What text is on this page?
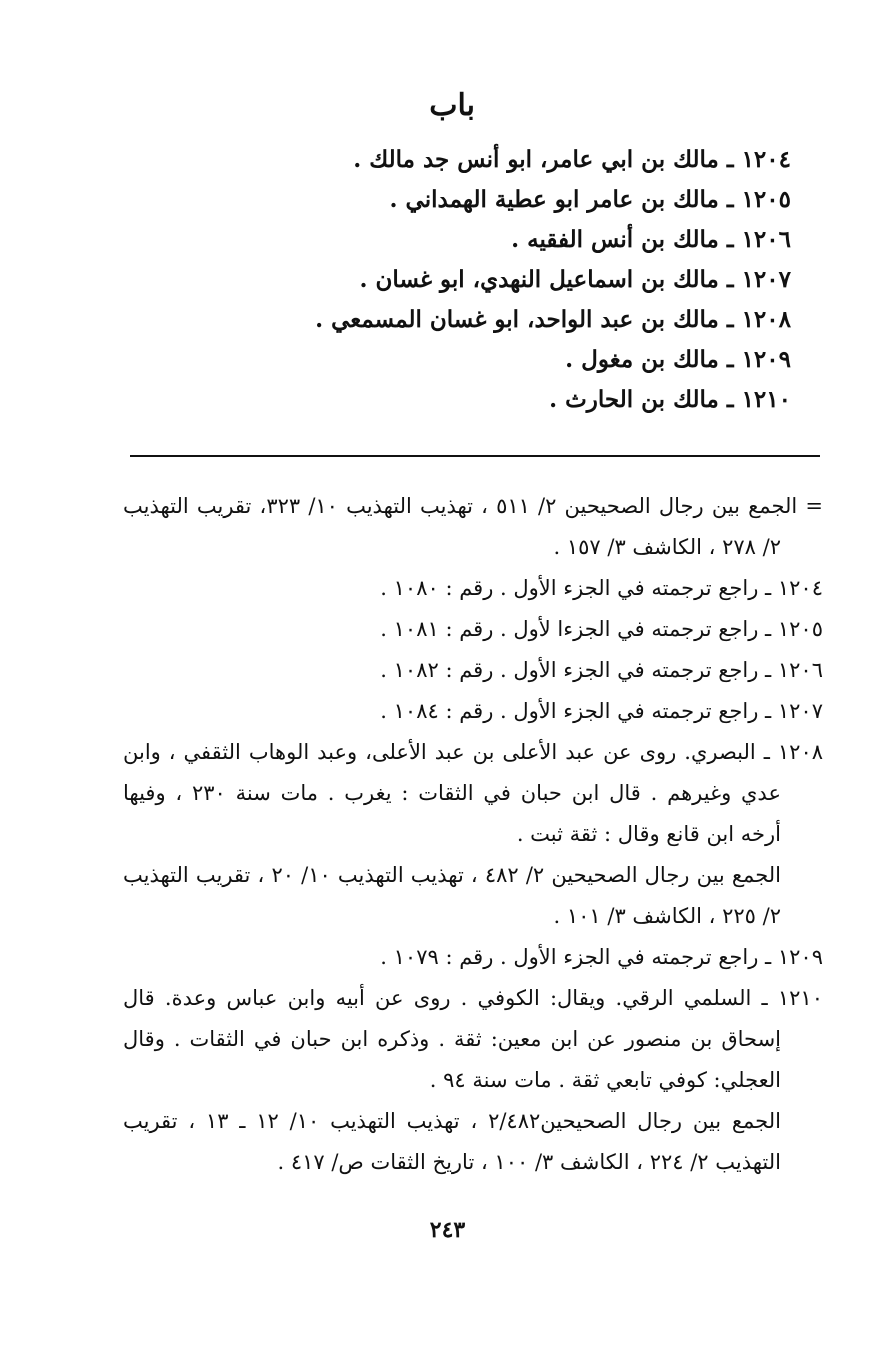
باب
١٢٠٤ ـ مالك بن ابي عامر، ابو أنس جد مالك .
١٢٠٥ ـ مالك بن عامر ابو عطية الهمداني .
١٢٠٦ ـ مالك بن أنس الفقيه .
١٢٠٧ ـ مالك بن اسماعيل النهدي، ابو غسان .
١٢٠٨ ـ مالك بن عبد الواحد، ابو غسان المسمعي .
١٢٠٩ ـ مالك بن مغول .
١٢١٠ ـ مالك بن الحارث .

= الجمع بين رجال الصحيحين ٢/ ٥١١ ، تهذيب التهذيب ١٠/ ٣٢٣، تقريب التهذيب ٢/ ٢٧٨ ، الكاشف ٣/ ١٥٧ .

١٢٠٤ ـ راجع ترجمته في الجزء الأول . رقم : ١٠٨٠ .

١٢٠٥ ـ راجع ترجمته في الجزءا لأول . رقم : ١٠٨١ .

١٢٠٦ ـ راجع ترجمته في الجزء الأول . رقم : ١٠٨٢ .

١٢٠٧ ـ راجع ترجمته في الجزء الأول . رقم : ١٠٨٤ .

١٢٠٨ ـ البصري. روى عن عبد الأعلى بن عبد الأعلى، وعبد الوهاب الثقفي ، وابن عدي وغيرهم . قال ابن حبان في الثقات : يغرب . مات سنة ٢٣٠ ، وفيها أرخه ابن قانع وقال : ثقة ثبت .

الجمع بين رجال الصحيحين ٢/ ٤٨٢ ، تهذيب التهذيب ١٠/ ٢٠ ، تقريب التهذيب ٢/ ٢٢٥ ، الكاشف ٣/ ١٠١ .

١٢٠٩ ـ راجع ترجمته في الجزء الأول . رقم : ١٠٧٩ .

١٢١٠ ـ السلمي الرقي. ويقال: الكوفي . روى عن أبيه وابن عباس وعدة. قال إسحاق بن منصور عن ابن معين: ثقة . وذكره ابن حبان في الثقات . وقال العجلي: كوفي تابعي ثقة . مات سنة ٩٤ .

الجمع بين رجال الصحيحين٢/٤٨٢ ، تهذيب التهذيب ١٠/ ١٢ ـ ١٣ ، تقريب التهذيب ٢/ ٢٢٤ ، الكاشف ٣/ ١٠٠ ، تاريخ الثقات ص/ ٤١٧ .

٢٤٣
